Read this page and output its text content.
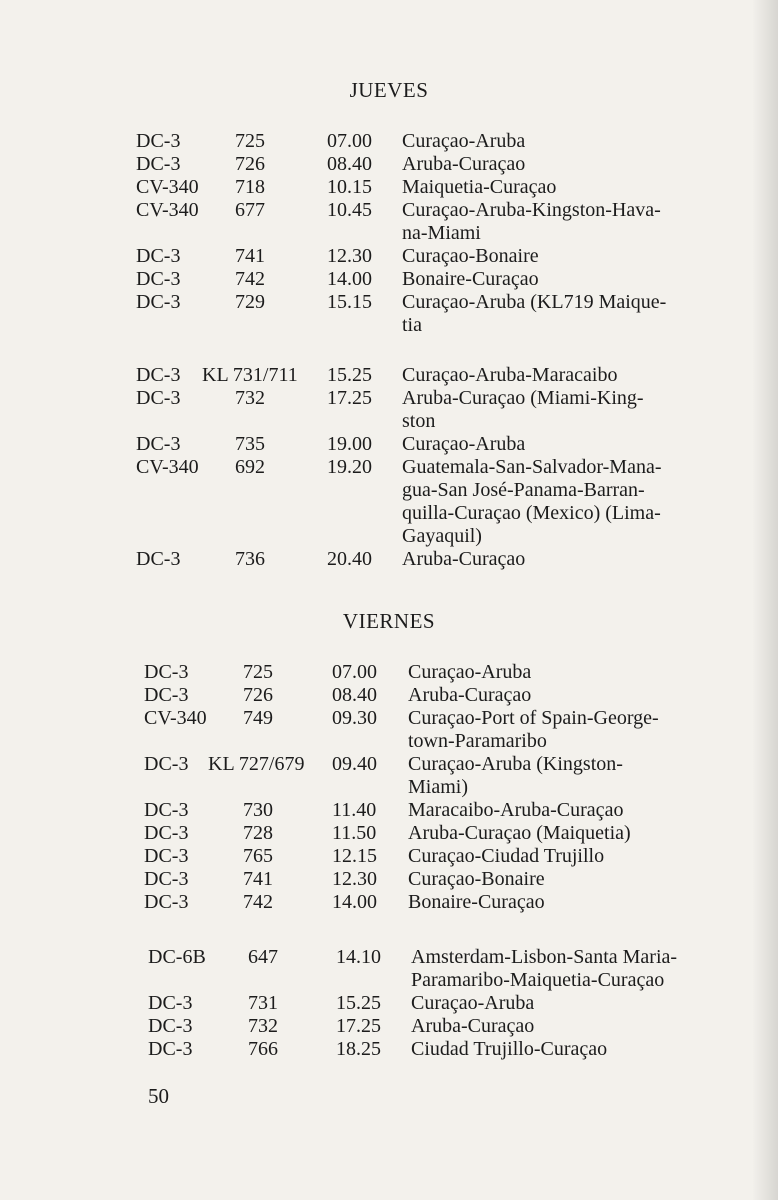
JUEVES
DC-3	725	07.00 Curaçao-Aruba
DC-3	726	08.40 Aruba-Curaçao
CV-340 718	10.15 Maiquetia-Curaçao
CV-340 677	10.45 Curaçao-Aruba-Kingston-Hava-
na-Miami
DC-3	741	12.30 Curaçao-Bonaire
DC-3	742	14.00 Bonaire-Curaçao
DC-3	729	15.15 Curaçao-Aruba (KL719 Maique-
tia
DC-3 KL 731/711 15.25 Curaçao-Aruba-Maracaibo
DC-3	732	17.25 Aruba-Curaçao (Miami-King-
ston
DC-3	735	19.00 Curaçao-Aruba
CV-340 692	19.20 Guatemala-San-Salvador-Mana-
gua-San José-Panama-Barran-
quilla-Curaçao (Mexico) (Lima-
Gayaquil)
DC-3	736	20.40 Aruba-Curaçao
VIERNES
DC-3	725	07.00 Curaçao-Aruba
DC-3	726	08.40 Aruba-Curaçao
CV-340 749	09.30 Curaçao-Port of Spain-George-
town-Paramaribo
DC-3 KL 727/679 09.40 Curaçao-Aruba (Kingston-
Miami)
DC-3	730	11.40 Maracaibo-Aruba-Curaçao
DC-3	728	11.50 Aruba-Curaçao (Maiquetia)
DC-3	765	12.15 Curaçao-Ciudad Trujillo
DC-3	741	12.30 Curaçao-Bonaire
DC-3	742	14.00 Bonaire-Curaçao
DC-6B 647	14.10 Amsterdam-Lisbon-Santa Maria-
Paramaribo-Maiquetia-Curaçao
DC-3	731	15.25 Curaçao-Aruba
DC-3	732	17.25 Aruba-Curaçao
DC-3	766	18.25 Ciudad Trujillo-Curaçao
50
